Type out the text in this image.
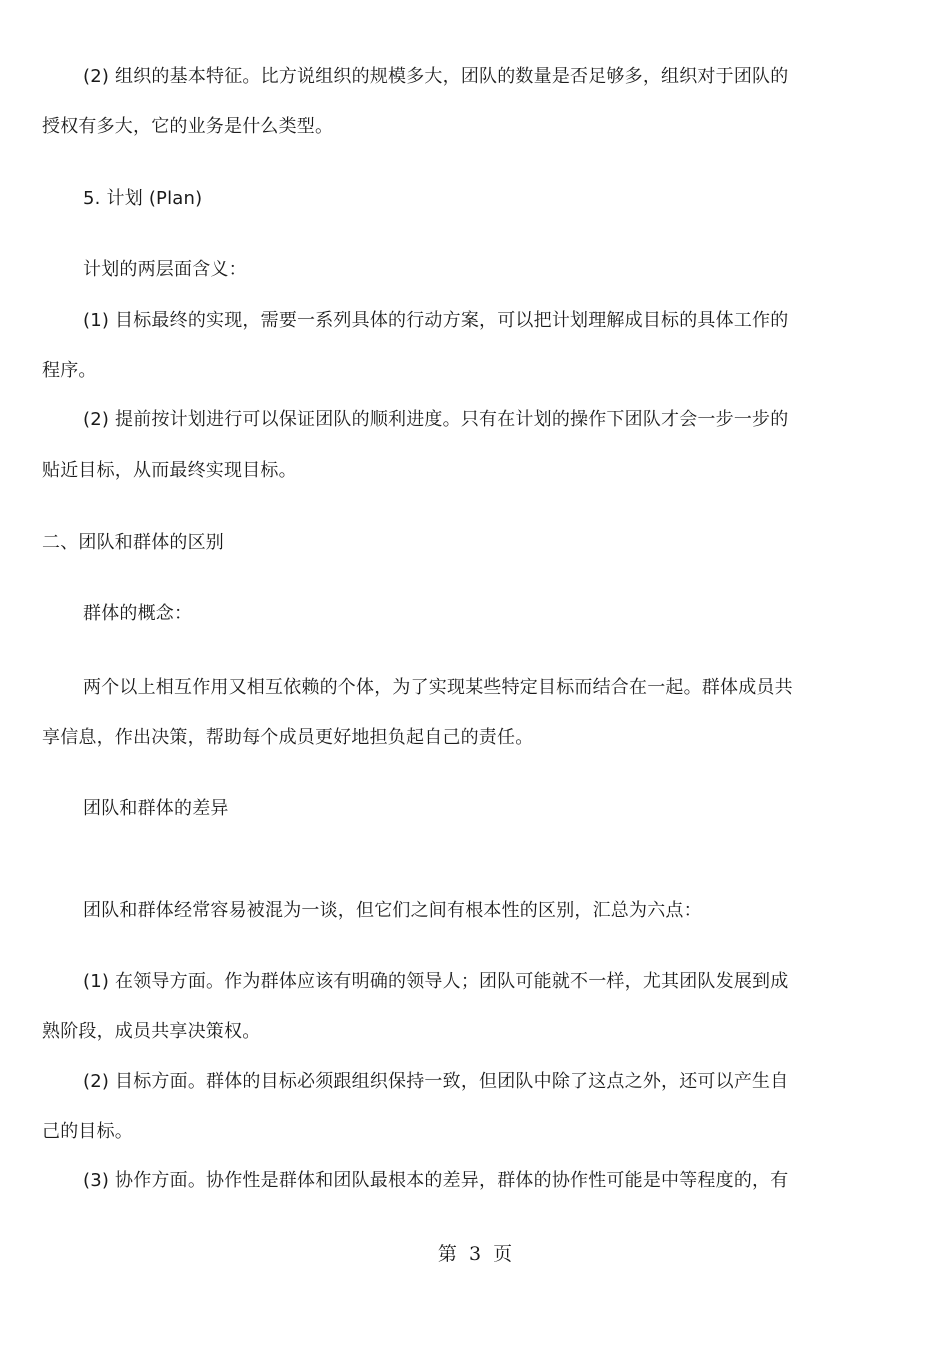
(2) 组织的基本特征。比方说组织的规模多大，团队的数量是否足够多，组织对于团队的
授权有多大，它的业务是什么类型。
5. 计划 (Plan)
计划的两层面含义：
(1) 目标最终的实现，需要一系列具体的行动方案，可以把计划理解成目标的具体工作的
程序。
(2) 提前按计划进行可以保证团队的顺利进度。只有在计划的操作下团队才会一步一步的
贴近目标，从而最终实现目标。
二、团队和群体的区别
群体的概念：
两个以上相互作用又相互依赖的个体，为了实现某些特定目标而结合在一起。群体成员共
享信息，作出决策，帮助每个成员更好地担负起自己的责任。
团队和群体的差异
团队和群体经常容易被混为一谈，但它们之间有根本性的区别，汇总为六点：
(1) 在领导方面。作为群体应该有明确的领导人；团队可能就不一样，尤其团队发展到成
熟阶段，成员共享决策权。
(2) 目标方面。群体的目标必须跟组织保持一致，但团队中除了这点之外，还可以产生自
己的目标。
(3) 协作方面。协作性是群体和团队最根本的差异，群体的协作性可能是中等程度的，有
第 3 页
